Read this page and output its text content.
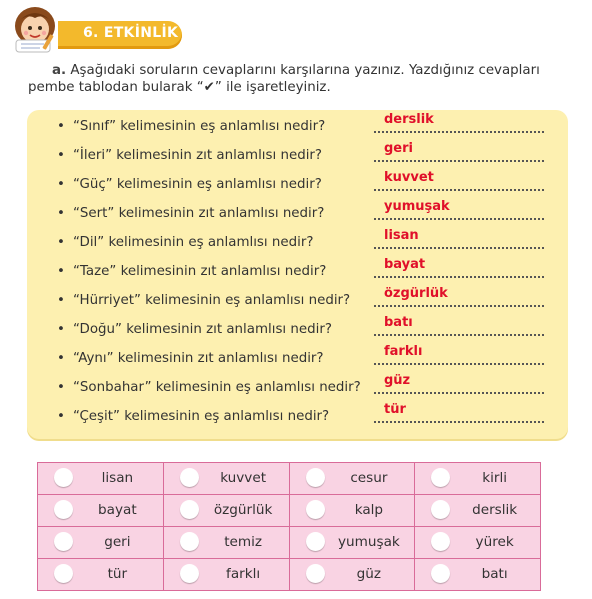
6. ETKİNLİK
a. Aşağıdaki soruların cevaplarını karşılarına yazınız. Yazdığınız cevapları pembe tablodan bularak “✔” ile işaretleyiniz.
• “Sınıf” kelimesinin eş anlamlısı nedir?	derslik
• “İleri” kelimesinin zıt anlamlısı nedir?	geri
• “Güç” kelimesinin eş anlamlısı nedir?	kuvvet
• “Sert” kelimesinin zıt anlamlısı nedir?	yumuşak
• “Dil” kelimesinin eş anlamlısı nedir?	lisan
• “Taze” kelimesinin zıt anlamlısı nedir?	bayat
• “Hürriyet” kelimesinin eş anlamlısı nedir?	özgürlük
• “Doğu” kelimesinin zıt anlamlısı nedir?	batı
• “Aynı” kelimesinin zıt anlamlısı nedir?	farklı
• “Sonbahar” kelimesinin eş anlamlısı nedir? güz
• “Çeşit” kelimesinin eş anlamlısı nedir?	tür
lisan	kuvvet	cesur	kirli

bayat	özgürlük	kalp	derslik

geri	temiz	yumuşak	yürek

tür	farklı	güz	batı
